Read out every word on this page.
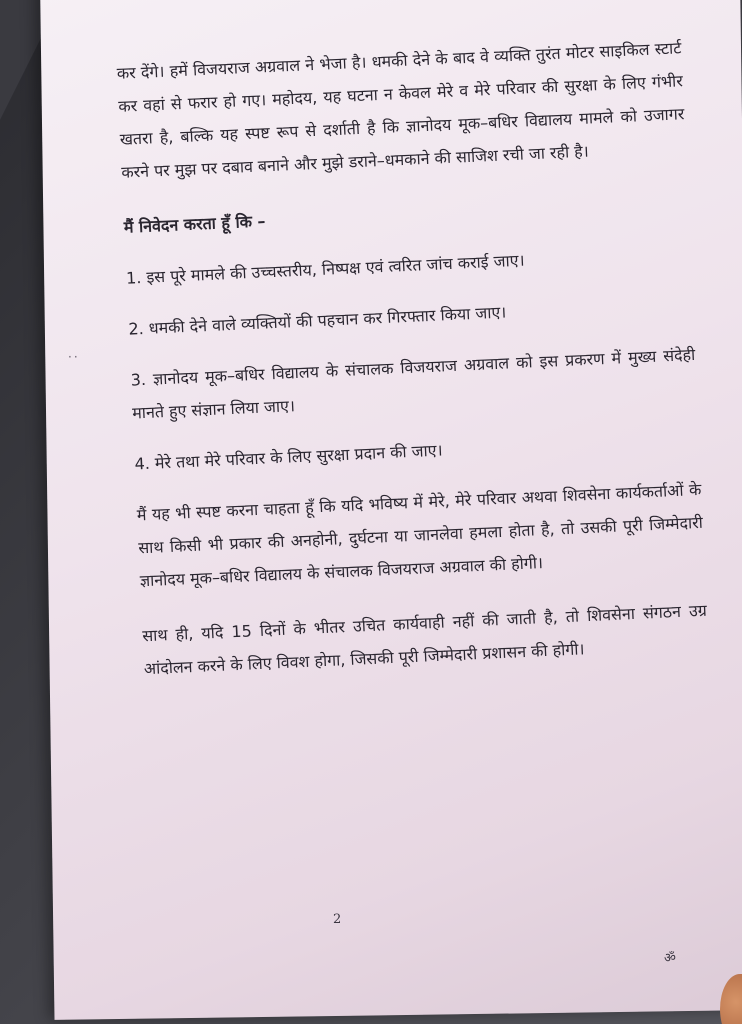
कर देंगे। हमें विजयराज अग्रवाल ने भेजा है। धमकी देने के बाद वे व्यक्ति तुरंत मोटर साइकिल स्टार्ट कर वहां से फरार हो गए। महोदय, यह घटना न केवल मेरे व मेरे परिवार की सुरक्षा के लिए गंभीर खतरा है, बल्कि यह स्पष्ट रूप से दर्शाती है कि ज्ञानोदय मूक–बधिर विद्यालय मामले को उजागर करने पर मुझ पर दबाव बनाने और मुझे डराने–धमकाने की साजिश रची जा रही है।

मैं निवेदन करता हूँ कि –

1. इस पूरे मामले की उच्चस्तरीय, निष्पक्ष एवं त्वरित जांच कराई जाए।

2. धमकी देने वाले व्यक्तियों की पहचान कर गिरफ्तार किया जाए।

3. ज्ञानोदय मूक–बधिर विद्यालय के संचालक विजयराज अग्रवाल को इस प्रकरण में मुख्य संदेही मानते हुए संज्ञान लिया जाए।

4. मेरे तथा मेरे परिवार के लिए सुरक्षा प्रदान की जाए।

मैं यह भी स्पष्ट करना चाहता हूँ कि यदि भविष्य में मेरे, मेरे परिवार अथवा शिवसेना कार्यकर्ताओं के साथ किसी भी प्रकार की अनहोनी, दुर्घटना या जानलेवा हमला होता है, तो उसकी पूरी जिम्मेदारी ज्ञानोदय मूक–बधिर विद्यालय के संचालक विजयराज अग्रवाल की होगी।

साथ ही, यदि 15 दिनों के भीतर उचित कार्यवाही नहीं की जाती है, तो शिवसेना संगठन उग्र आंदोलन करने के लिए विवश होगा, जिसकी पूरी जिम्मेदारी प्रशासन की होगी।

··
2
ॐ
